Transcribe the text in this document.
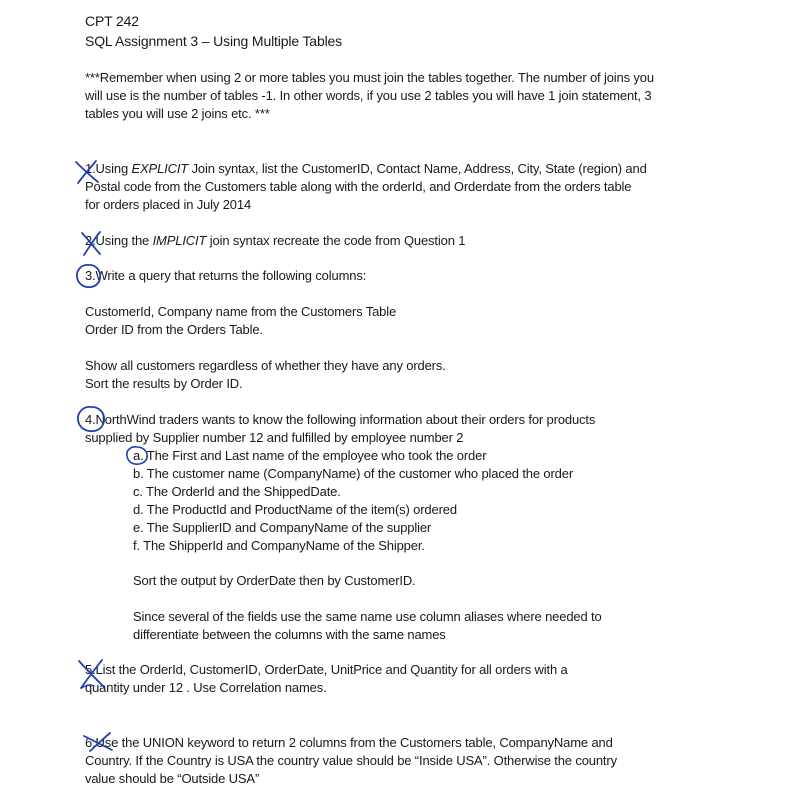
CPT 242
SQL Assignment 3 – Using Multiple Tables
***Remember when using 2 or more tables you must join the tables together. The number of joins you
will use is the number of tables -1. In other words, if you use 2 tables you will have 1 join statement, 3
tables you will use 2 joins etc. ***
1.Using EXPLICIT Join syntax, list the CustomerID, Contact Name, Address, City, State (region) and
Postal code from the Customers table along with the orderId, and Orderdate from the orders table
for orders placed in July 2014
2.Using the IMPLICIT join syntax recreate the code from Question 1
3.Write a query that returns the following columns:
CustomerId, Company name from the Customers Table
Order ID from the Orders Table.
Show all customers regardless of whether they have any orders.
Sort the results by Order ID.
4.NorthWind traders wants to know the following information about their orders for products
supplied by Supplier number 12 and fulfilled by employee number 2
a. The First and Last name of the employee who took the order
b. The customer name (CompanyName) of the customer who placed the order
c. The OrderId and the ShippedDate.
d. The ProductId and ProductName of the item(s) ordered
e. The SupplierID and CompanyName of the supplier
f. The ShipperId and CompanyName of the Shipper.
Sort the output by OrderDate then by CustomerID.
Since several of the fields use the same name use column aliases where needed to
differentiate between the columns with the same names
5.List the OrderId, CustomerID, OrderDate, UnitPrice and Quantity for all orders with a
quantity under 12 . Use Correlation names.
6.Use the UNION keyword to return 2 columns from the Customers table, CompanyName and
Country. If the Country is USA the country value should be “Inside USA”. Otherwise the country
value should be “Outside USA”
